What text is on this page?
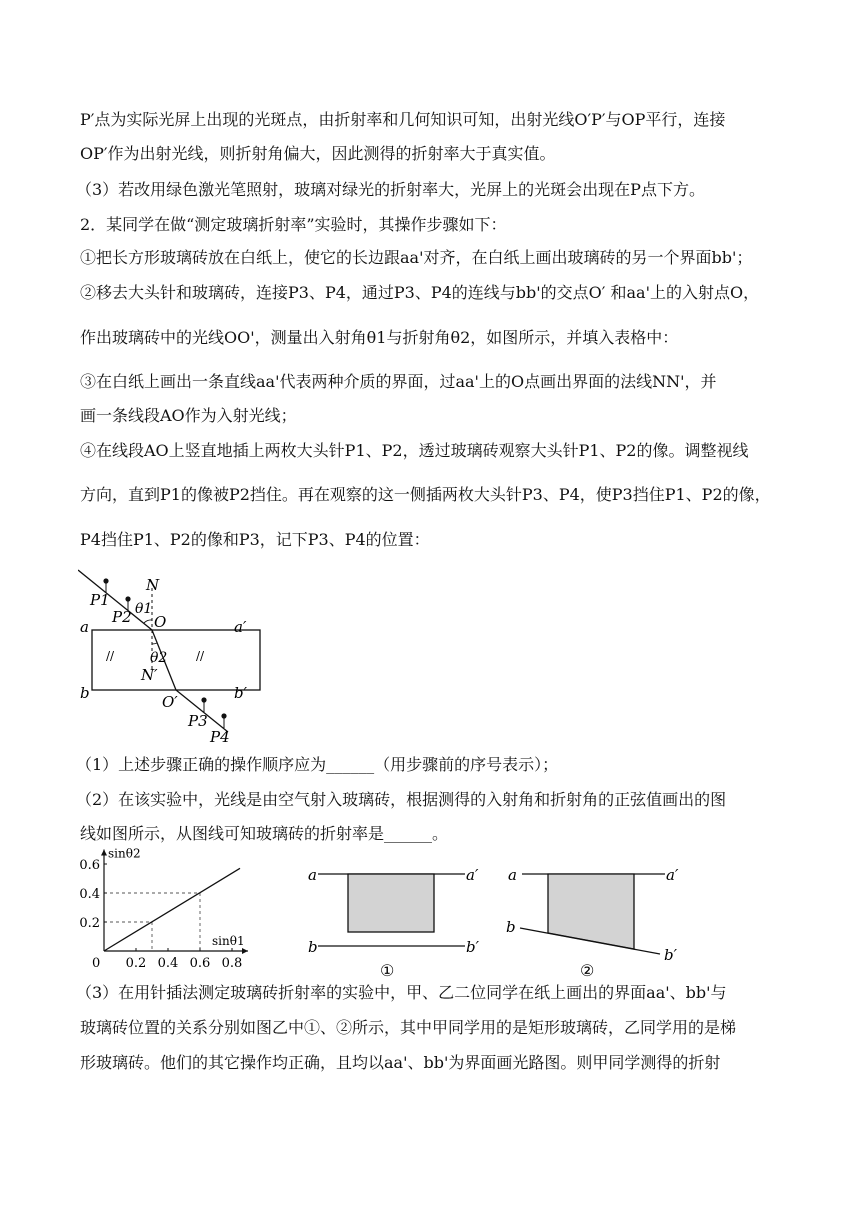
P′点为实际光屏上出现的光斑点，由折射率和几何知识可知，出射光线O′P′与OP平行，连接
OP′作为出射光线，则折射角偏大，因此测得的折射率大于真实值。
（3）若改用绿色激光笔照射，玻璃对绿光的折射率大，光屏上的光斑会出现在P点下方。
2．某同学在做“测定玻璃折射率”实验时，其操作步骤如下：
①把长方形玻璃砖放在白纸上，使它的长边跟aa'对齐，在白纸上画出玻璃砖的另一个界面bb'；
②移去大头针和玻璃砖，连接P3、P4，通过P3、P4的连线与bb'的交点O′ 和aa'上的入射点O，
作出玻璃砖中的光线OO'，测量出入射角θ1与折射角θ2，如图所示，并填入表格中：
③在白纸上画出一条直线aa'代表两种介质的界面，过aa'上的O点画出界面的法线NN'，并
画一条线段AO作为入射光线；
④在线段AO上竖直地插上两枚大头针P1、P2，透过玻璃砖观察大头针P1、P2的像。调整视线
方向，直到P1的像被P2挡住。再在观察的这一侧插两枚大头针P3、P4，使P3挡住P1、P2的像，
P4挡住P1、P2的像和P3，记下P3、P4的位置：
//	//
P1
P2
N
θ1
O
a	a′
θ2
N′
b	b′
O′
P3
P4
（1）上述步骤正确的操作顺序应为______（用步骤前的序号表示）；
（2）在该实验中，光线是由空气射入玻璃砖，根据测得的入射角和折射角的正弦值画出的图
线如图所示，从图线可知玻璃砖的折射率是______。
0.2 0.4 0.6 0.8
0.2
0.4
0.6
sinθ2
sinθ1
0
a	a′
b	b′
①
a	a′
b
b′
②
（3）在用针插法测定玻璃砖折射率的实验中，甲、乙二位同学在纸上画出的界面aa'、bb'与
玻璃砖位置的关系分别如图乙中①、②所示，其中甲同学用的是矩形玻璃砖，乙同学用的是梯
形玻璃砖。他们的其它操作均正确，且均以aa'、bb'为界面画光路图。则甲同学测得的折射
